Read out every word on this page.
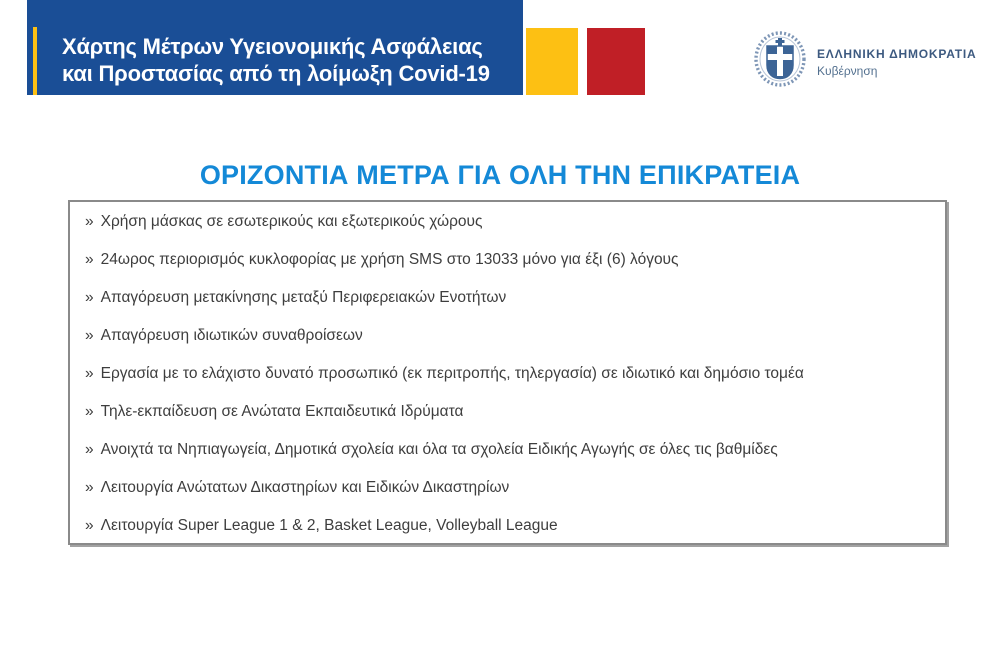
Χάρτης Μέτρων Υγειονομικής Ασφάλειας
και Προστασίας από τη λοίμωξη Covid-19
ΕΛΛΗΝΙΚΗ ΔΗΜΟΚΡΑΤΙΑ
Κυβέρνηση
ΟΡΙΖΟΝΤΙΑ ΜΕΤΡΑ ΓΙΑ ΟΛΗ ΤΗΝ ΕΠΙΚΡΑΤΕΙΑ
» Χρήση μάσκας σε εσωτερικούς και εξωτερικούς χώρους
» 24ωρος περιορισμός κυκλοφορίας με χρήση SMS στο 13033 μόνο για έξι (6) λόγους
» Απαγόρευση μετακίνησης μεταξύ Περιφερειακών Ενοτήτων
» Απαγόρευση ιδιωτικών συναθροίσεων
» Εργασία με το ελάχιστο δυνατό προσωπικό (εκ περιτροπής, τηλεργασία) σε ιδιωτικό και δημόσιο τομέα
» Τηλε-εκπαίδευση σε Ανώτατα Εκπαιδευτικά Ιδρύματα
» Ανοιχτά τα Νηπιαγωγεία, Δημοτικά σχολεία και όλα τα σχολεία Ειδικής Αγωγής σε όλες τις βαθμίδες
» Λειτουργία Ανώτατων Δικαστηρίων και Ειδικών Δικαστηρίων
» Λειτουργία Super League 1 & 2, Basket League, Volleyball League
